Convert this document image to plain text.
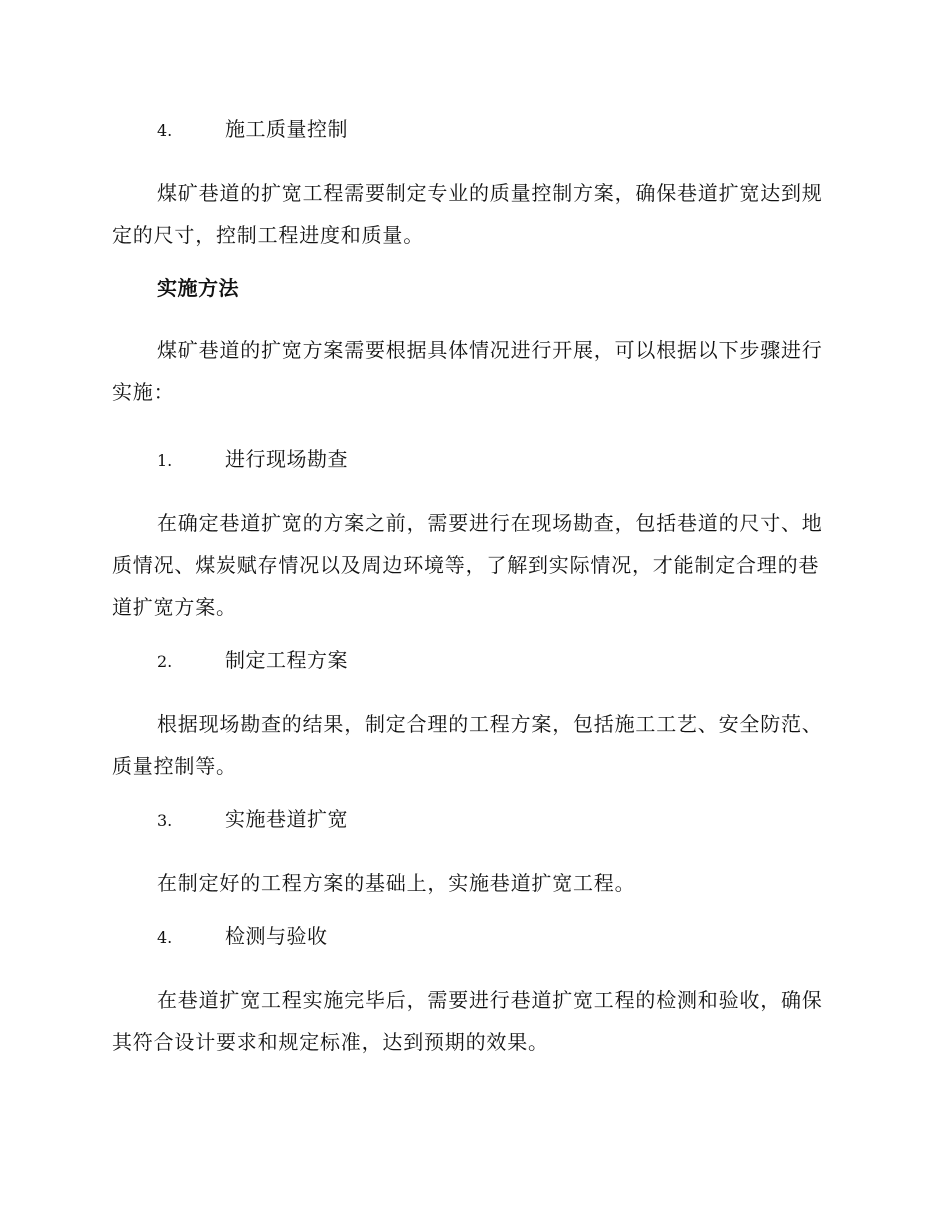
4.	施工质量控制

煤矿巷道的扩宽工程需要制定专业的质量控制方案，确保巷道扩宽达到规定的尺寸，控制工程进度和质量。

实施方法

煤矿巷道的扩宽方案需要根据具体情况进行开展，可以根据以下步骤进行实施：

1.	进行现场勘查

在确定巷道扩宽的方案之前，需要进行在现场勘查，包括巷道的尺寸、地质情况、煤炭赋存情况以及周边环境等，了解到实际情况，才能制定合理的巷道扩宽方案。

2.	制定工程方案

根据现场勘查的结果，制定合理的工程方案，包括施工工艺、安全防范、质量控制等。

3.	实施巷道扩宽

在制定好的工程方案的基础上，实施巷道扩宽工程。

4.	检测与验收

在巷道扩宽工程实施完毕后，需要进行巷道扩宽工程的检测和验收，确保其符合设计要求和规定标准，达到预期的效果。
